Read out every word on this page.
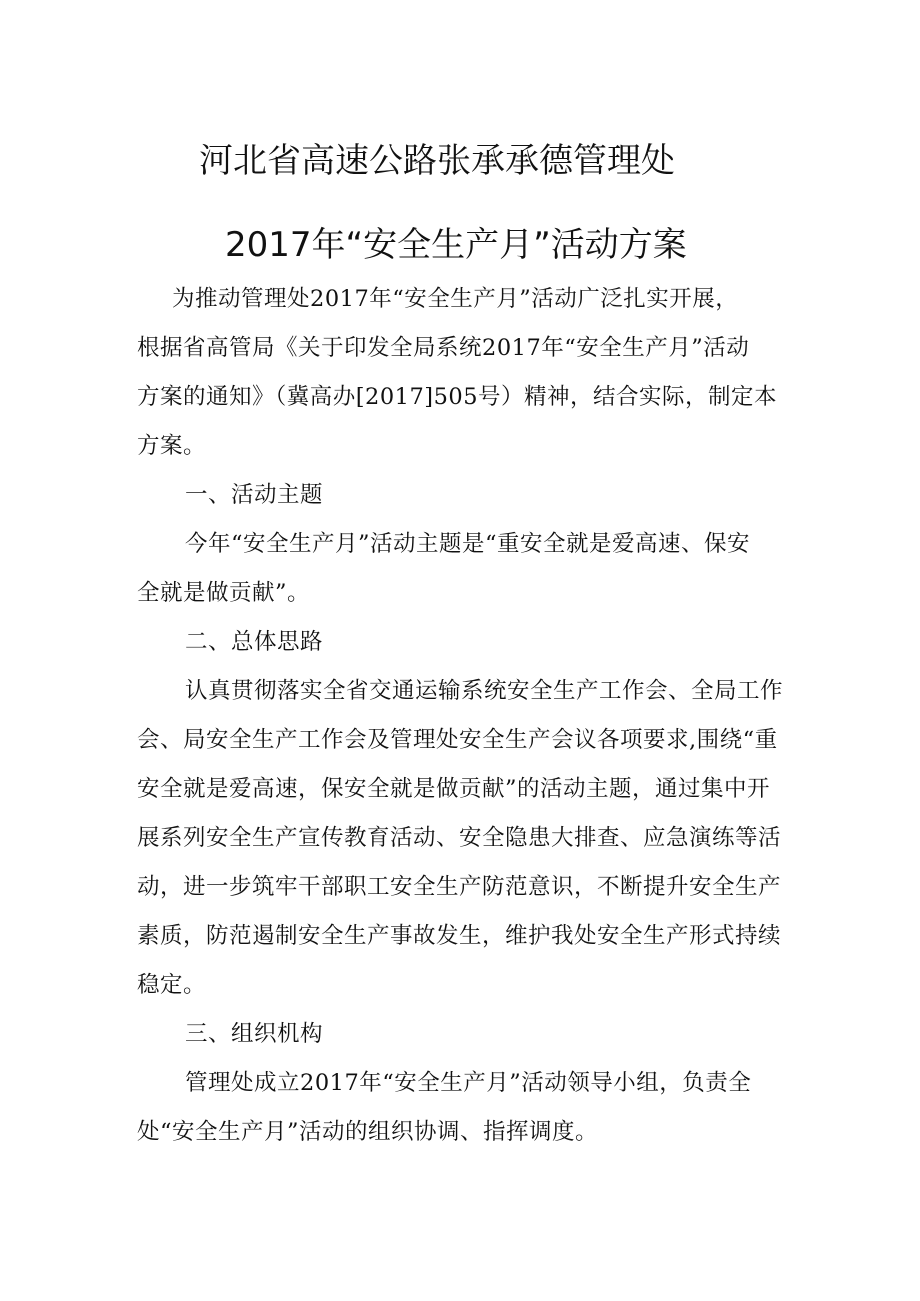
河北省高速公路张承承德管理处
2017年“安全生产月”活动方案

为推动管理处2017年“安全生产月”活动广泛扎实开展，

根据省高管局《关于印发全局系统2017年“安全生产月”活动

方案的通知》（冀高办[2017]505号）精神，结合实际，制定本

方案。

一、活动主题

今年“安全生产月”活动主题是“重安全就是爱高速、保安

全就是做贡献”。

二、总体思路

认真贯彻落实全省交通运输系统安全生产工作会、全局工作

会、局安全生产工作会及管理处安全生产会议各项要求,围绕“重

安全就是爱高速，保安全就是做贡献”的活动主题，通过集中开

展系列安全生产宣传教育活动、安全隐患大排查、应急演练等活

动，进一步筑牢干部职工安全生产防范意识，不断提升安全生产

素质，防范遏制安全生产事故发生，维护我处安全生产形式持续

稳定。

三、组织机构

管理处成立2017年“安全生产月”活动领导小组，负责全

处“安全生产月”活动的组织协调、指挥调度。
